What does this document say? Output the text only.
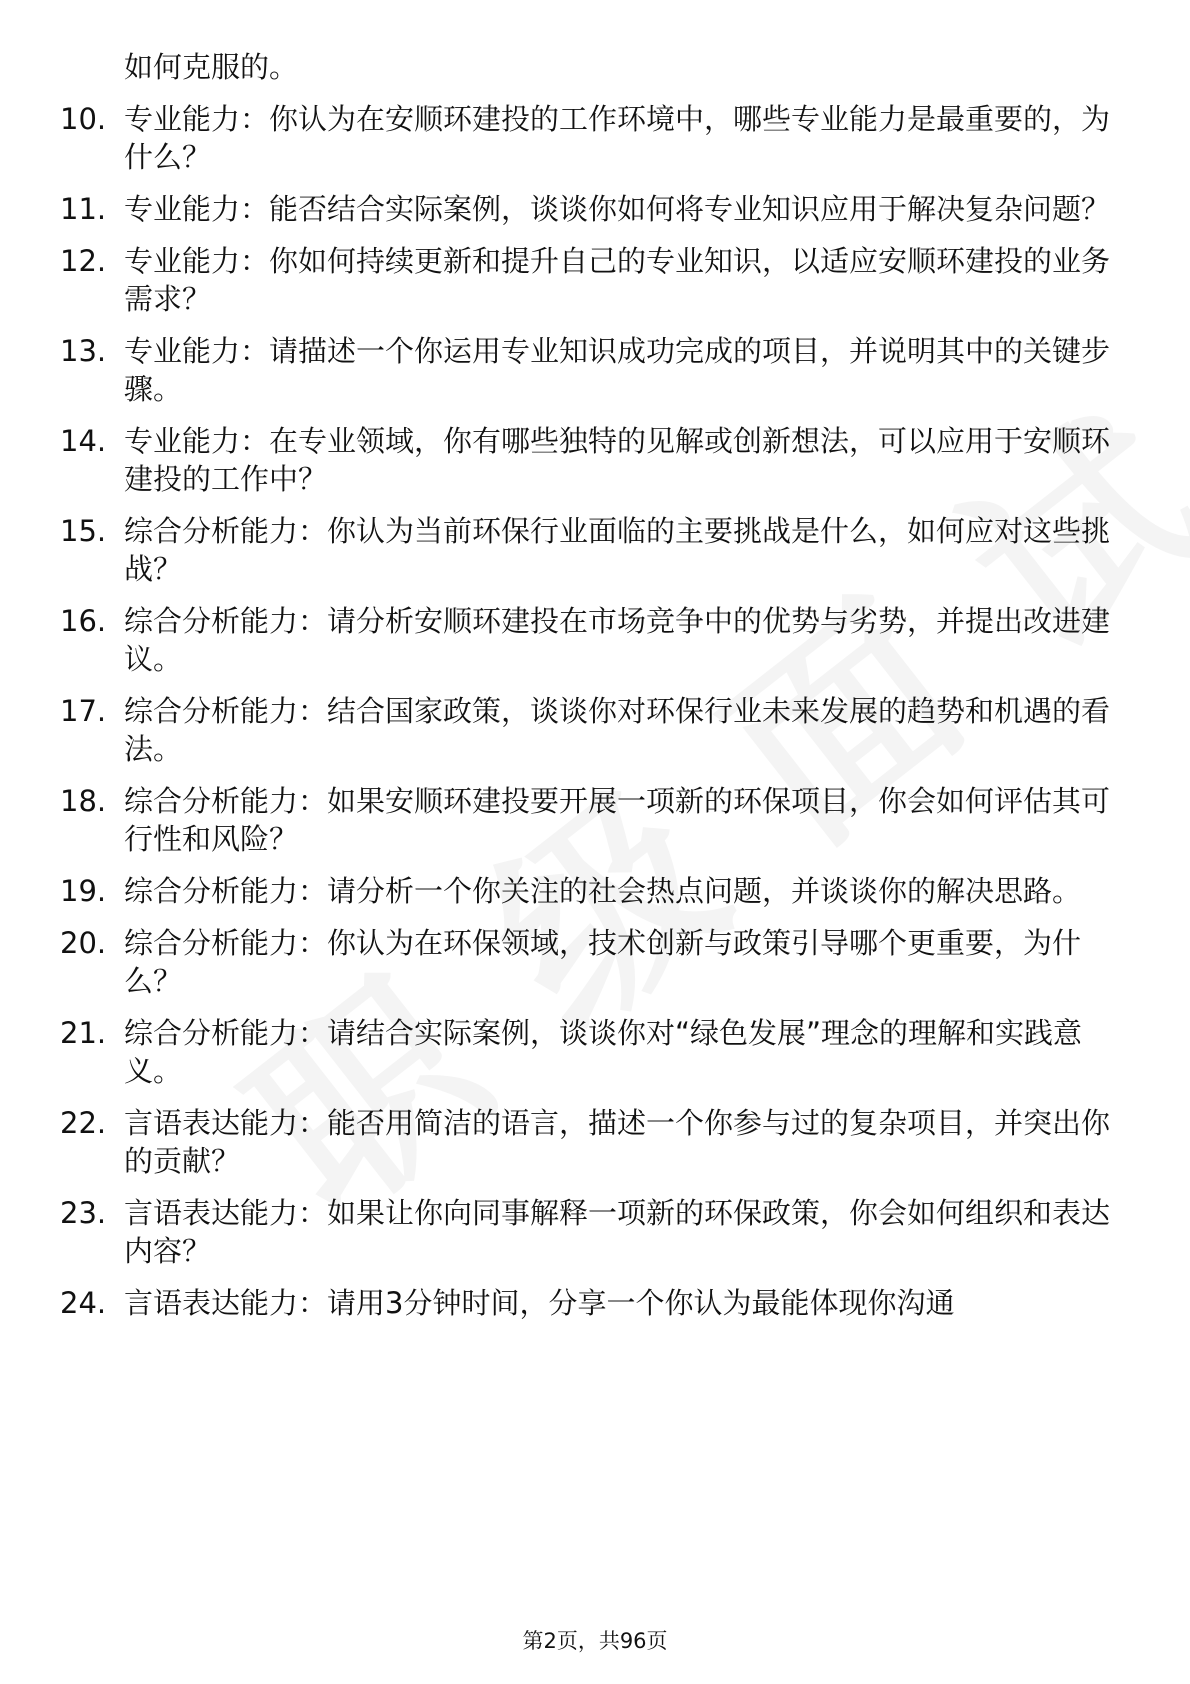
如何克服的。
10. 专业能力：你认为在安顺环建投的工作环境中，哪些专业能力是最重要的，为什么？
11. 专业能力：能否结合实际案例，谈谈你如何将专业知识应用于解决复杂问题？
12. 专业能力：你如何持续更新和提升自己的专业知识，以适应安顺环建投的业务需求？
13. 专业能力：请描述一个你运用专业知识成功完成的项目，并说明其中的关键步骤。
14. 专业能力：在专业领域，你有哪些独特的见解或创新想法，可以应用于安顺环建投的工作中？
15. 综合分析能力：你认为当前环保行业面临的主要挑战是什么，如何应对这些挑战？
16. 综合分析能力：请分析安顺环建投在市场竞争中的优势与劣势，并提出改进建议。
17. 综合分析能力：结合国家政策，谈谈你对环保行业未来发展的趋势和机遇的看法。
18. 综合分析能力：如果安顺环建投要开展一项新的环保项目，你会如何评估其可行性和风险？
19. 综合分析能力：请分析一个你关注的社会热点问题，并谈谈你的解决思路。
20. 综合分析能力：你认为在环保领域，技术创新与政策引导哪个更重要，为什么？
21. 综合分析能力：请结合实际案例，谈谈你对“绿色发展”理念的理解和实践意义。
22. 言语表达能力：能否用简洁的语言，描述一个你参与过的复杂项目，并突出你的贡献？
23. 言语表达能力：如果让你向同事解释一项新的环保政策，你会如何组织和表达内容？
24. 言语表达能力：请用3分钟时间，分享一个你认为最能体现你沟通
第2页，共96页
